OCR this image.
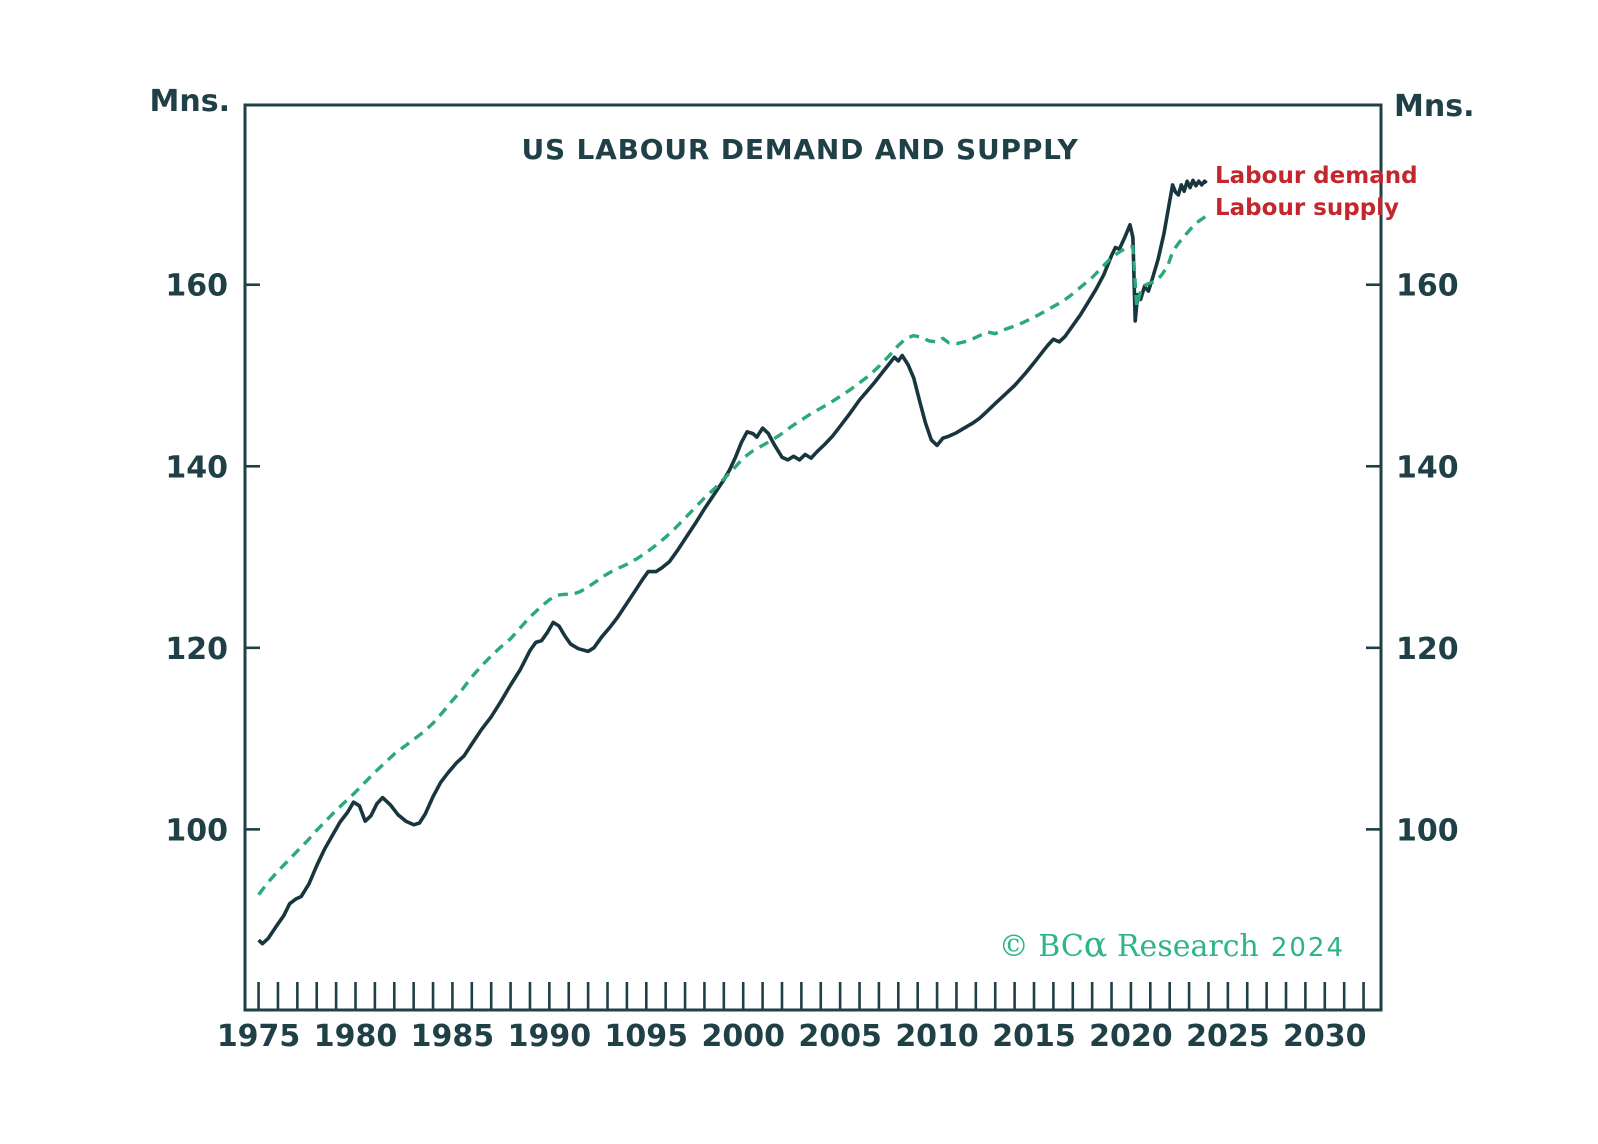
1975 1980 1985 1990 1095 2000 2005 2010 2015 2020 2025 2030
100	100
120	120
140	140
160	160
US LABOUR DEMAND AND SUPPLY
Mns.	Mns.
Labour demand
Labour supply
© BCα Research 2024
